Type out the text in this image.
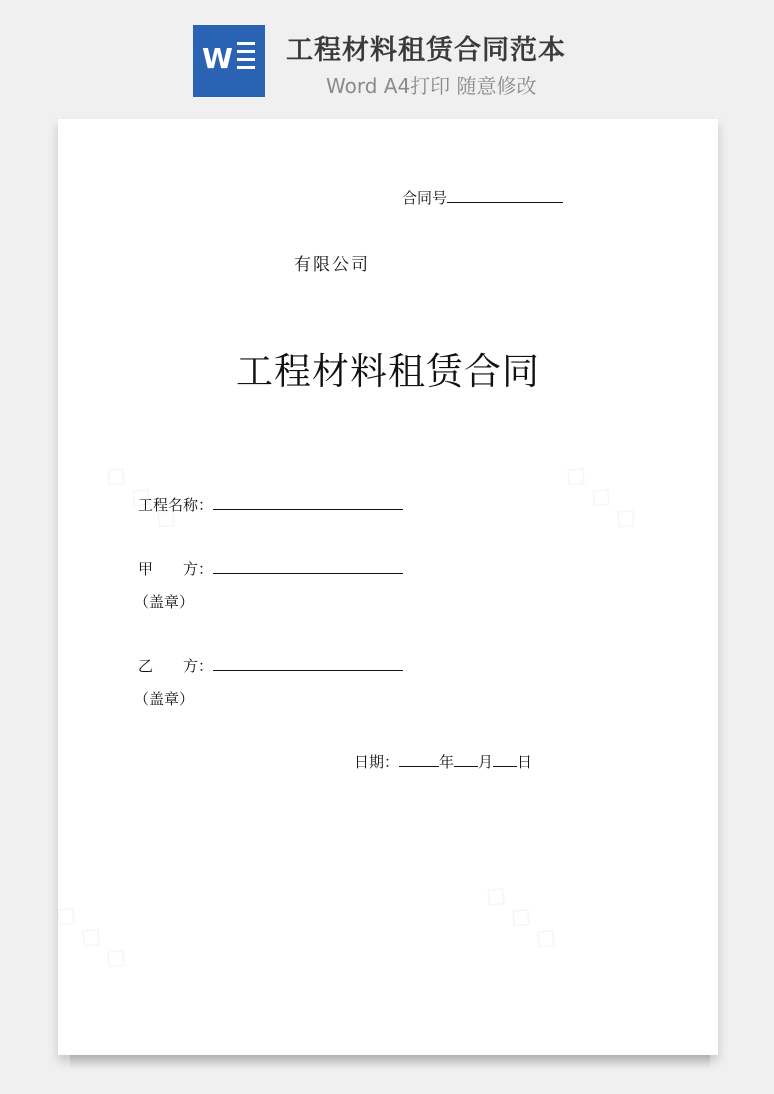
W 工程材料租赁合同范本
Word A4打印 随意修改
合同号
有限公司
工程材料租赁合同
工程名称：
甲　　方：
（盖章）
乙　　方：
（盖章）
日期：	年 月 日
